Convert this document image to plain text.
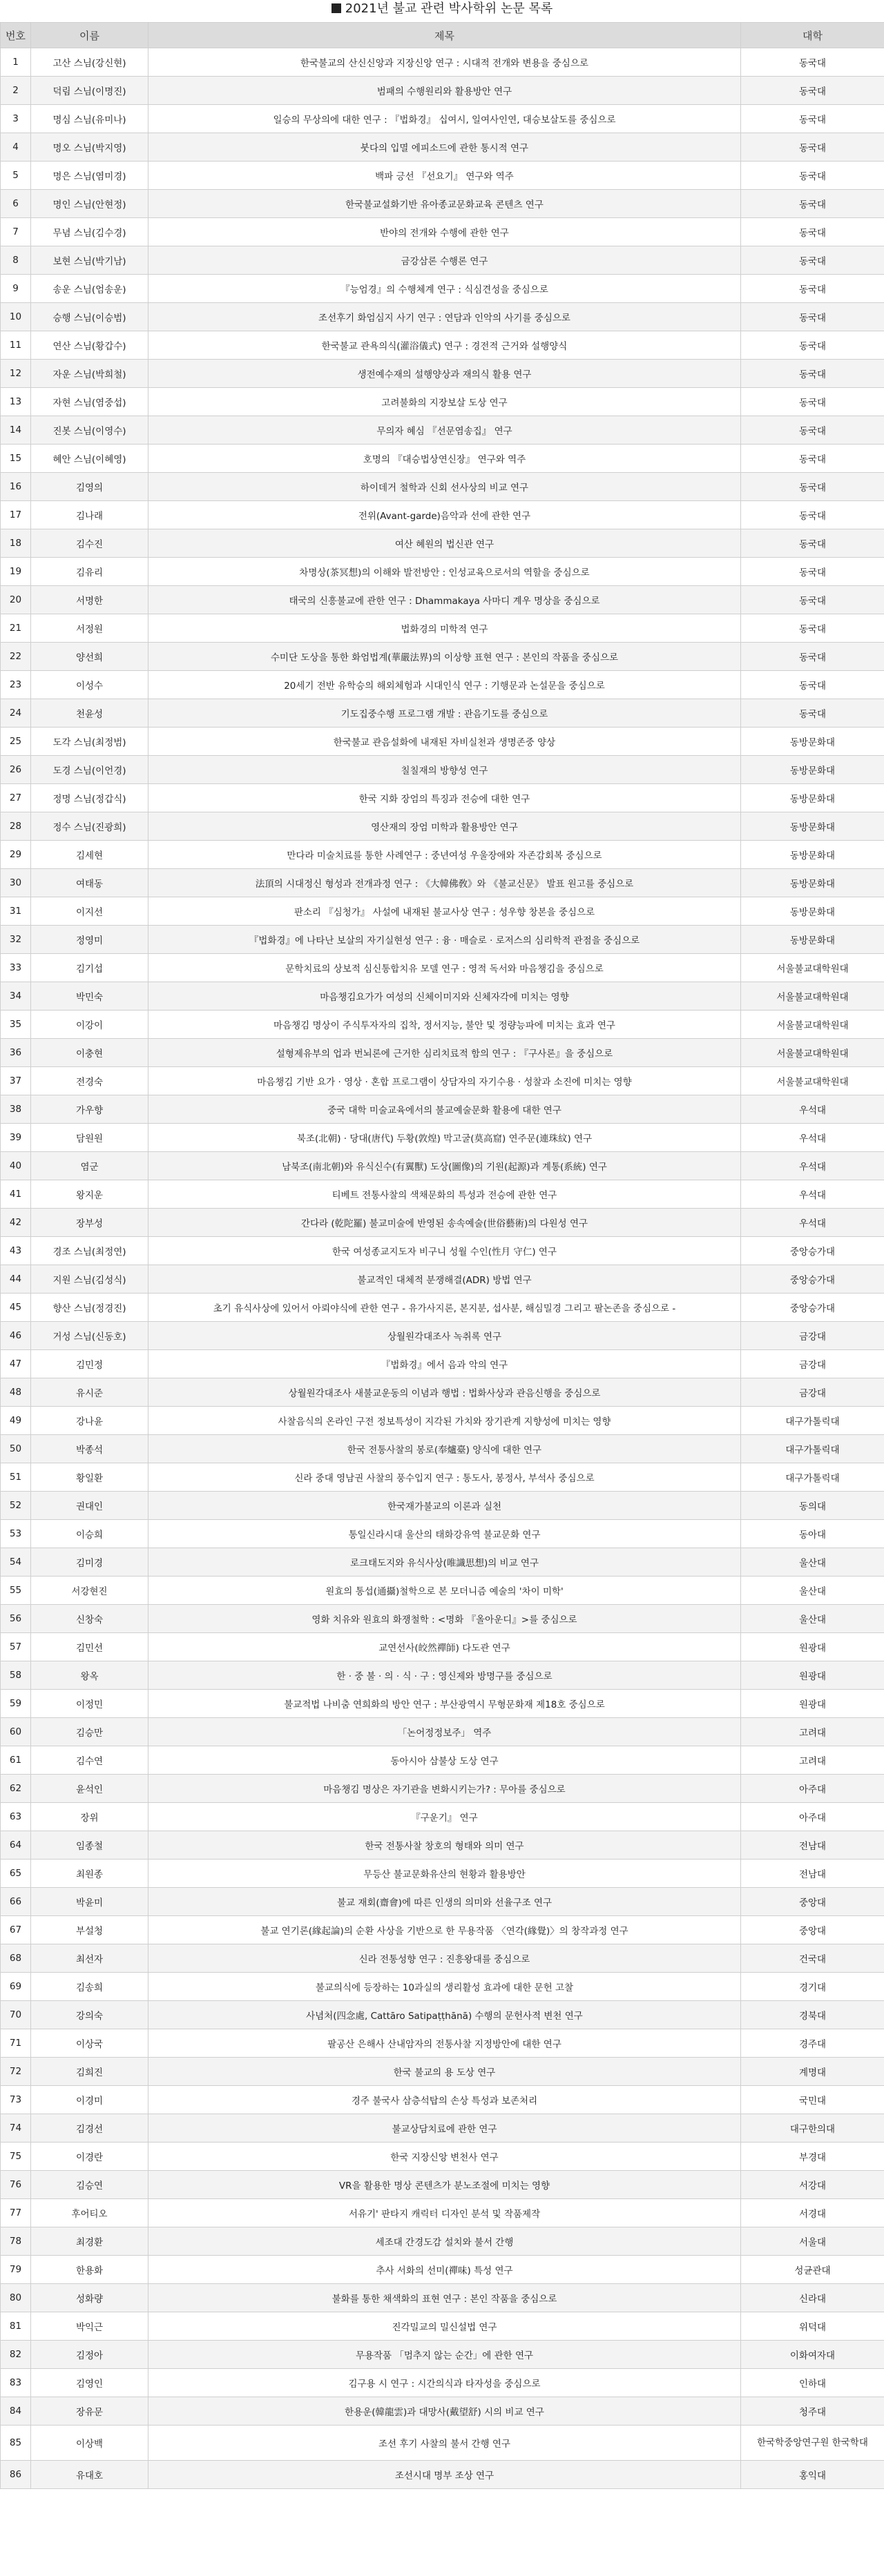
2021년 불교 관련 박사학위 논문 목록
번호	이름	제목	대학
1	고산 스님(강신현)	한국불교의 산신신앙과 지장신앙 연구 : 시대적 전개와 변용을 중심으로	동국대
2	덕림 스님(이명진)	범패의 수행원리와 활용방안 연구	동국대
3	명심 스님(유미나)	일승의 무상의에 대한 연구 : 『법화경』 십여시, 일여사인연, 대승보살도를 중심으로	동국대
4	명오 스님(박지영)	붓다의 입멸 에피소드에 관한 통시적 연구	동국대
5	명은 스님(염미경)	백파 긍선 『선요기』 연구와 역주	동국대
6	명인 스님(안현정)	한국불교설화기반 유아종교문화교육 콘텐츠 연구	동국대
7	무념 스님(김수경)	반야의 전개와 수행에 관한 연구	동국대
8	보현 스님(박기남)	금강삼론 수행론 연구	동국대
9	송운 스님(엄송운)	『능엄경』의 수행체계 연구 : 식심견성을 중심으로	동국대
10	승행 스님(이승범)	조선후기 화엄심지 사기 연구 : 연담과 인악의 사기를 중심으로	동국대
11	연산 스님(황갑수)	한국불교 관욕의식(灌浴儀式) 연구 : 경전적 근거와 설행양식	동국대
12	자운 스님(박희철)	생전예수재의 설행양상과 재의식 활용 연구	동국대
13	자현 스님(염중섭)	고려불화의 지장보살 도상 연구	동국대
14	진봇 스님(이영수)	무의자 혜심 『선문염송집』 연구	동국대
15	혜안 스님(이혜영)	호명의 『대승법상연신장』 연구와 역주	동국대
16	김영의	하이데거 철학과 신회 선사상의 비교 연구	동국대
17	김나래	전위(Avant-garde)음악과 선에 관한 연구	동국대
18	김수진	여산 혜원의 법신관 연구	동국대
19	김유리	차명상(茶冥想)의 이해와 발전방안 : 인성교육으로서의 역할을 중심으로	동국대
20	서명한	태국의 신흥불교에 관한 연구 : Dhammakaya 사마디 계우 명상을 중심으로	동국대
21	서정원	법화경의 미학적 연구	동국대
22	양선희	수미단 도상을 통한 화엄법계(華嚴法界)의 이상향 표현 연구 : 본인의 작품을 중심으로	동국대
23	이성수	20세기 전반 유학승의 해외체험과 시대인식 연구 : 기행문과 논설문을 중심으로	동국대
24	천윤성	기도집중수행 프로그램 개발 : 관음기도를 중심으로	동국대
25	도각 스님(최정범)	한국불교 관음설화에 내재된 자비실천과 생명존중 양상	동방문화대
26	도경 스님(이언경)	칠칠재의 방향성 연구	동방문화대
27	정명 스님(정갑식)	한국 지화 장엄의 특징과 전승에 대한 연구	동방문화대
28	정수 스님(진광희)	영산재의 장엄 미학과 활용방안 연구	동방문화대
29	김세현	만다라 미술치료를 통한 사례연구 : 중년여성 우울장애와 자존감회복 중심으로	동방문화대
30	여태동	法頂의 시대정신 형성과 전개과정 연구 : 《大韓佛敎》와 《불교신문》 발표 원고를 중심으로	동방문화대
31	이지선	판소리 『심청가』 사설에 내재된 불교사상 연구 : 성우향 창본을 중심으로	동방문화대
32	정영미	『법화경』에 나타난 보살의 자기실현성 연구 : 융 · 매슬로 · 로저스의 심리학적 관점을 중심으로	동방문화대
33	김기섭	문학치료의 상보적 심신통합치유 모델 연구 : 영적 독서와 마음챙김을 중심으로	서울불교대학원대
34	박민숙	마음챙김요가가 여성의 신체이미지와 신체자각에 미치는 영향	서울불교대학원대
35	이강이	마음챙김 명상이 주식투자자의 집착, 정서지능, 불안 및 정량능파에 미치는 효과 연구	서울불교대학원대
36	이충현	설형제유부의 업과 번뇌론에 근거한 심리치료적 함의 연구 : 『구사론』을 중심으로	서울불교대학원대
37	전경숙	마음챙김 기반 요가 · 영상 · 혼합 프로그램이 상담자의 자기수용 · 성찰과 소진에 미치는 영향	서울불교대학원대
38	가우향	중국 대학 미술교육에서의 불교예술문화 활용에 대한 연구	우석대
39	담원원	북조(北朝) · 당대(唐代) 두황(敦煌) 막고굴(莫高窟) 연주문(連珠紋) 연구	우석대
40	염군	남북조(南北朝)와 유식신수(有翼獸) 도상(圖像)의 기원(起源)과 계통(系統) 연구	우석대
41	왕지운	티베트 전통사찰의 색채문화의 특성과 전승에 관한 연구	우석대
42	장부성	간다라 (乾陀羅) 불교미술에 반영된 송속예술(世俗藝術)의 다원성 연구	우석대
43	경조 스님(최정연)	한국 여성종교지도자 비구니 성월 수인(性月 守仁) 연구	중앙승가대
44	지원 스님(김성식)	불교적인 대체적 분쟁해결(ADR) 방법 연구	중앙승가대
45	향산 스님(정경진)	초기 유식사상에 있어서 아뢰야식에 관한 연구 - 유가사지론, 본지분, 섭사분, 해심밀경 그리고 팔논존을 중심으로 -	중앙승가대
46	거성 스님(신동호)	상월원각대조사 녹취록 연구	금강대
47	김민정	『법화경』에서 음과 악의 연구	금강대
48	유시준	상월원각대조사 새불교운동의 이념과 행법 : 법화사상과 관음신행을 중심으로	금강대
49	강나윤	사찰음식의 온라인 구전 정보특성이 지각된 가치와 장기관계 지향성에 미치는 영향	대구가톨릭대
50	박종석	한국 전통사찰의 봉로(奉爐臺) 양식에 대한 연구	대구가톨릭대
51	황일환	신라 중대 영남권 사찰의 풍수입지 연구 : 통도사, 봉정사, 부석사 중심으로	대구가톨릭대
52	권대인	한국재가불교의 이론과 실천	동의대
53	이승희	통일신라시대 울산의 태화강유역 불교문화 연구	동아대
54	김미경	로크태도지와 유식사상(唯識思想)의 비교 연구	울산대
55	서강현진	원효의 통섭(通攝)철학으로 본 모더니즘 예술의 '차이 미학'	울산대
56	신창숙	영화 치유와 원효의 화쟁철학 : <명화 『올아운디』>를 중심으로	울산대
57	김민선	교연선사(皎然禪師) 다도관 연구	원광대
58	왕옥	한 · 중 불 · 의 · 식 · 구 : 영신제와 방명구를 중심으로	원광대
59	이정민	불교적법 나비춤 연희화의 방안 연구 : 부산광역시 무형문화재 제18호 중심으로	원광대
60	김승만	「논어정정보주」 역주	고려대
61	김수연	동아시아 삼불상 도상 연구	고려대
62	윤석인	마음챙김 명상은 자기관을 변화시키는가? : 무아를 중심으로	아주대
63	장위	『구운기』 연구	아주대
64	임종철	한국 전통사찰 창호의 형태와 의미 연구	전남대
65	최원종	무등산 불교문화유산의 현황과 활용방안	전남대
66	박윤미	불교 재회(齋會)에 따른 인생의 의미와 선율구조 연구	중앙대
67	부설청	불교 연기론(緣起論)의 순환 사상을 기반으로 한 무용작품 〈연각(緣覺)〉의 창작과정 연구	중앙대
68	최선자	신라 전통성향 연구 : 진흥왕대를 중심으로	건국대
69	김송희	불교의식에 등장하는 10과실의 생리활성 효과에 대한 문헌 고찰	경기대
70	강의숙	사념처(四念處, Cattāro Satipaṭṭhānā) 수행의 문헌사적 변천 연구	경북대
71	이상국	팔공산 은해사 산내암자의 전통사찰 지정방안에 대한 연구	경주대
72	김희진	한국 불교의 용 도상 연구	계명대
73	이경미	경주 불국사 삼층석탑의 손상 특성과 보존처리	국민대
74	김경선	불교상담치료에 관한 연구	대구한의대
75	이경란	한국 지장신앙 변천사 연구	부경대
76	김승연	VR을 활용한 명상 콘텐츠가 분노조절에 미치는 영향	서강대
77	후어티오	서유기' 판타지 캐릭터 디자인 분석 및 작품제작	서경대
78	최경환	세조대 간경도감 설치와 불서 간행	서울대
79	한용화	추사 서화의 선미(禪味) 특성 연구	성균관대
80	성화량	불화를 통한 채색화의 표현 연구 : 본인 작품을 중심으로	신라대
81	박익근	진각밀교의 밀신설법 연구	위덕대
82	김정아	무용작품 「멈추지 않는 순간」에 관한 연구	이화여자대
83	김영인	김구용 시 연구 : 시간의식과 타자성을 중심으로	인하대
84	장유문	한용운(韓龍雲)과 대망사(戴望舒) 시의 비교 연구	청주대
85	이상백	조선 후기 사찰의 불서 간행 연구	한국학중앙연구원 한국학대
86	유대호	조선시대 명부 조상 연구	홍익대
